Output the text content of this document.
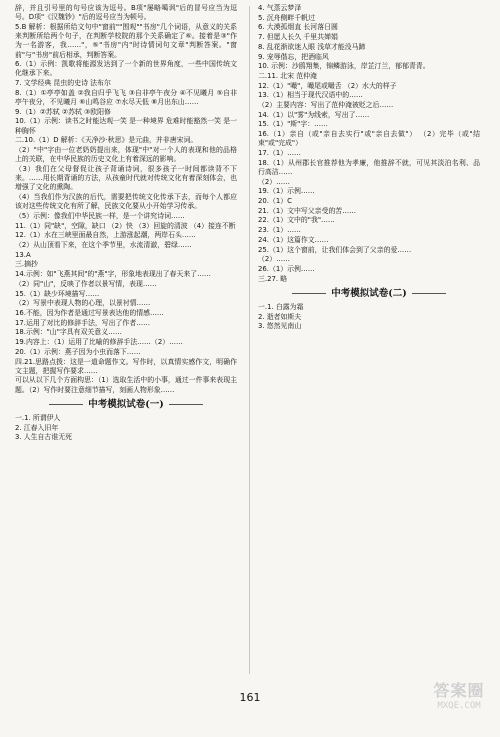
辞，并且引号里的句号应该为逗号。B项"屡略噶讽"后的冒号应当为逗号。D项"《汉魏钞》"后的逗号应当为顿号。

5.B 解析：根据所给文句中"窗前""围观""书房"几个词语，从意义的关系来判断所给两个句子，在判断学校院的那个关系确定了⑥。接着是③"作为一名游客，我……"，⑤"书房"内"时诗情词句文章"判断答案。"窗前"与"书房"前后相承，判断答案。

6.（1）示例：凯歌将能源发达到了一个新的世界角度，一些中国传统文化继承下来。

7. 文学经典 昆虫的史诗 法布尔

8.（1）①亭亭如盖 ②我自归乎飞飞 ③自非亭午夜分 ④不见曦月 ⑤自非亭午夜分，不见曦月 ⑥山鸣谷应 ⑦水尽天低 ⑧月出东山……

9.（1）②苏轼 ②苏轼 ③欧阳修

10.（1）示例：读书之时能达观一笑 是一种境界 危难时能豁然一笑 是一种胸怀

二.10.（1）D 解析：《天净沙·秋思》是元曲，并非唐宋词。

（2）"中"字由一位老奶奶提出来，体现"中"对一个人的表现和他的品格上的关联，在中华民族的历史文化上有着深远的影响。

（3）我们在父母督促让孩子背诵诗词，很多孩子一时间都读背不下来。……用长期背诵的方法，从孩童时代就对传统文化有着深刻体会，也增强了文化的熏陶。

（4）当我们作为汉族的后代，需要把传统文化传承下去，而每个人都应该对这些传统文化有所了解，民族文化要从小开始学习传承。

（5）示例：像我们中华民族一样，是一个讲究诗词……

11.（1）同"缺"，空隙，缺口 （2）快 （3）回旋的清波 （4）接连不断

12.（1）水在三峡里面最自然，上游涨起潮，两岸石头……

（2）从山顶看下来，在这个季节里，水流清澈，碧绿……

13.A

三.摘抄

14.示例：如"飞燕其间"的"燕"字，形象地表现出了春天来了……

（2）同"山"，反映了作者以景写情，表现……

15.（1）缺少环境描写……

（2）写景中表现人物的心理，以景衬情……

16.不能，因为作者是通过写景表达他的情感……

17.运用了对比的修辞手法，写出了作者……

18.示例："山"字具有双关意义……

19.内容上：（1）运用了比喻的修辞手法……（2）……

20.（1）示例：燕子因为小虫而落下……

四.21.思路点拨：这是一道命题作文。写作时，以真情实感作文，明确作文主题，把握写作要求……

可以从以下几个方面构思：（1）选取生活中的小事，通过一件事来表现主题。（2）写作时要注意细节描写，刻画人物形象……

中考模拟试卷(一)

一.1. 所谓伊人

2. 江春入旧年

3. 人生自古谁无死

4. 气蒸云梦泽

5. 沉舟侧畔千帆过

6. 大漠孤烟直 长河落日圆

7. 但愿人长久 千里共婵娟

8. 乱花渐欲迷人眼 浅草才能没马蹄

9. 宠辱偕忘，把酒临风

10. 示例：沙鸥翔集，锦鳞游泳，岸芷汀兰，郁郁青青。

二.11. 北宋 范仲淹

12.（1）"嘬"，嘬尾或嘬舌 （2）水大的样子

13.（1）相当于现代汉语中的……

（2）主要内容：写出了范仲淹被贬之后……

14.（1）以"雾"为线索，写出了……

15.（1）"斯"字：……

16.（1）亲自（或"亲自去实行"或"亲自去做"） （2）完毕（或"结束"或"完成"）

17.（1）……

18.（1）从州郡长官推荐他为孝廉，他推辞不就，可见其淡泊名利、品行高洁……

（2）……

19.（1）示例……

20.（1）C

21.（1）文中写父亲受的苦……

22.（1）文中的"我"……

23.（1）……

24.（1）这篇作文……

25.（1）这个窗前，让我们体会到了父亲的爱……

（2）……

26.（1）示例……

三.27. 略

中考模拟试卷(二)

一.1. 白露为霜

2. 逝者如斯夫

3. 悠然见南山

161	答案圈
MXQE.COM
